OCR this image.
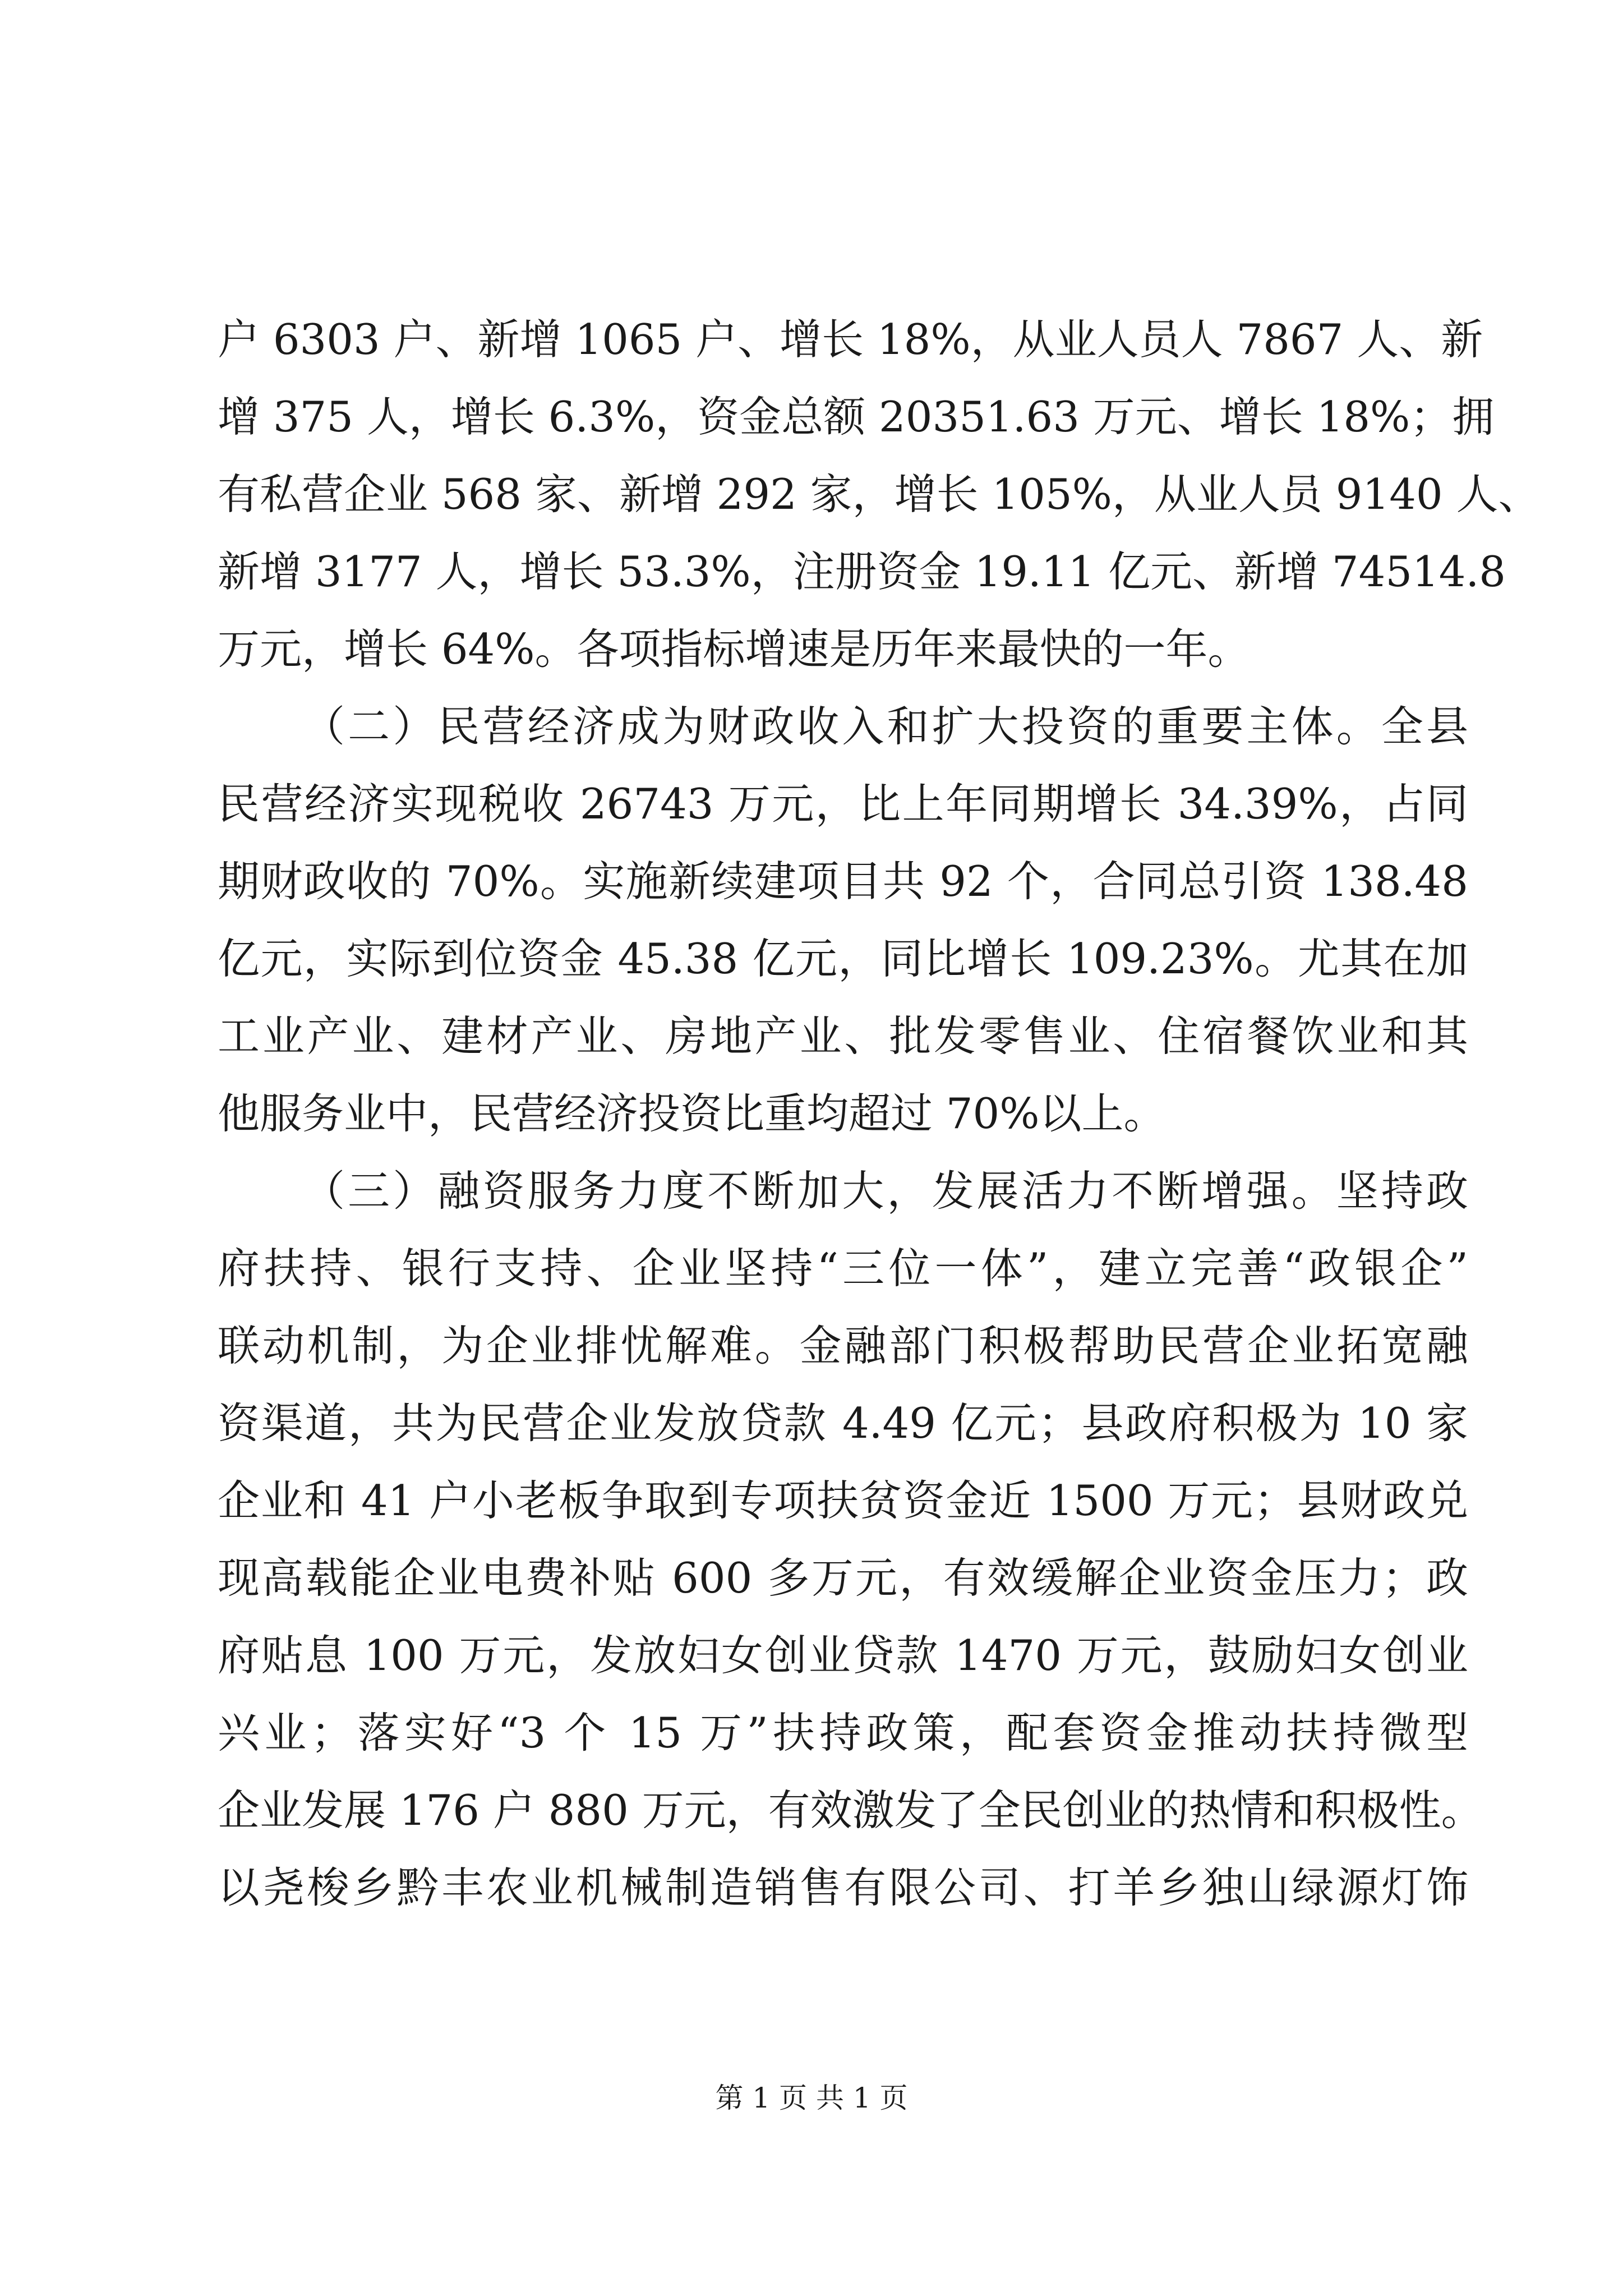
户 6303 户、新增 1065 户、增长 18%，从业人员人 7867 人、新
增 375 人，增长 6.3%，资金总额 20351.63 万元、增长 18%；拥
有私营企业 568 家、新增 292 家，增长 105%，从业人员 9140 人、
新增 3177 人，增长 53.3%，注册资金 19.11 亿元、新增 74514.8
万元，增长 64%。各项指标增速是历年来最快的一年。
（二）民营经济成为财政收入和扩大投资的重要主体。全县
民营经济实现税收 26743 万元，比上年同期增长 34.39%，占同
期财政收的 70%。实施新续建项目共 92 个，合同总引资 138.48
亿元，实际到位资金 45.38 亿元，同比增长 109.23%。尤其在加
工业产业、建材产业、房地产业、批发零售业、住宿餐饮业和其
他服务业中，民营经济投资比重均超过 70%以上。
（三）融资服务力度不断加大，发展活力不断增强。坚持政
府扶持、银行支持、企业坚持“三位一体”，建立完善“政银企”
联动机制，为企业排忧解难。金融部门积极帮助民营企业拓宽融
资渠道，共为民营企业发放贷款 4.49 亿元；县政府积极为 10 家
企业和 41 户小老板争取到专项扶贫资金近 1500 万元；县财政兑
现高载能企业电费补贴 600 多万元，有效缓解企业资金压力；政
府贴息 100 万元，发放妇女创业贷款 1470 万元，鼓励妇女创业
兴业；落实好“3 个 15 万”扶持政策，配套资金推动扶持微型
企业发展 176 户 880 万元，有效激发了全民创业的热情和积极性。
以尧梭乡黔丰农业机械制造销售有限公司、打羊乡独山绿源灯饰
第 1 页 共 1 页
